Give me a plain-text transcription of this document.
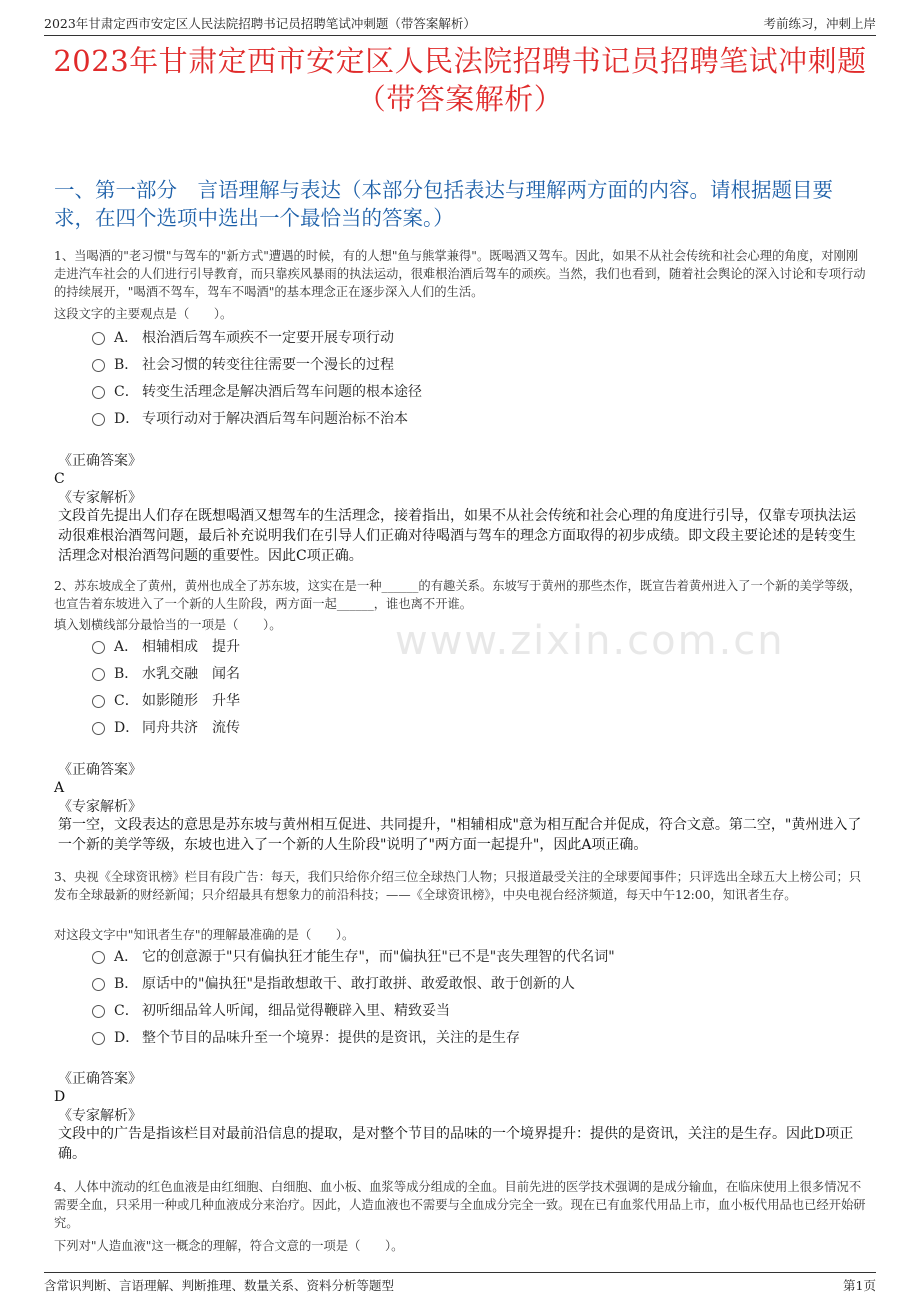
2023年甘肃定西市安定区人民法院招聘书记员招聘笔试冲刺题（带答案解析）	考前练习，冲刺上岸
2023年甘肃定西市安定区人民法院招聘书记员招聘笔试冲刺题
（带答案解析）
一、第一部分　言语理解与表达（本部分包括表达与理解两方面的内容。请根据题目要求，在四个选项中选出一个最恰当的答案。）
www.zixin.com.cn
1、当喝酒的"老习惯"与驾车的"新方式"遭遇的时候，有的人想"鱼与熊掌兼得"。既喝酒又驾车。因此，如果不从社会传统和社会心理的角度，对刚刚走进汽车社会的人们进行引导教育，而只靠疾风暴雨的执法运动，很难根治酒后驾车的顽疾。当然，我们也看到，随着社会舆论的深入讨论和专项行动的持续展开，"喝酒不驾车，驾车不喝酒"的基本理念正在逐步深入人们的生活。
这段文字的主要观点是（　　）。
A． 根治酒后驾车顽疾不一定要开展专项行动
B． 社会习惯的转变往往需要一个漫长的过程
C． 转变生活理念是解决酒后驾车问题的根本途径
D． 专项行动对于解决酒后驾车问题治标不治本
《正确答案》
C
《专家解析》
文段首先提出人们存在既想喝酒又想驾车的生活理念，接着指出，如果不从社会传统和社会心理的角度进行引导，仅靠专项执法运动很难根治酒驾问题，最后补充说明我们在引导人们正确对待喝酒与驾车的理念方面取得的初步成绩。即文段主要论述的是转变生活理念对根治酒驾问题的重要性。因此C项正确。
2、苏东坡成全了黄州，黄州也成全了苏东坡，这实在是一种______的有趣关系。东坡写于黄州的那些杰作，既宣告着黄州进入了一个新的美学等级，也宣告着东坡进入了一个新的人生阶段，两方面一起______，谁也离不开谁。
填入划横线部分最恰当的一项是（　　）。
A． 相辅相成　提升
B． 水乳交融　闻名
C． 如影随形　升华
D． 同舟共济　流传
《正确答案》
A
《专家解析》
第一空，文段表达的意思是苏东坡与黄州相互促进、共同提升，"相辅相成"意为相互配合并促成，符合文意。第二空，"黄州进入了一个新的美学等级，东坡也进入了一个新的人生阶段"说明了"两方面一起提升"，因此A项正确。
3、央视《全球资讯榜》栏目有段广告：每天，我们只给你介绍三位全球热门人物；只报道最受关注的全球要闻事件；只评选出全球五大上榜公司；只发布全球最新的财经新闻；只介绍最具有想象力的前沿科技；——《全球资讯榜》，中央电视台经济频道，每天中午12:00，知讯者生存。
对这段文字中"知讯者生存"的理解最准确的是（　　）。
A． 它的创意源于"只有偏执狂才能生存"，而"偏执狂"已不是"丧失理智的代名词"
B． 原话中的"偏执狂"是指敢想敢干、敢打敢拼、敢爱敢恨、敢于创新的人
C． 初听细品耸人听闻，细品觉得鞭辟入里、精致妥当
D． 整个节目的品味升至一个境界：提供的是资讯，关注的是生存
《正确答案》
D
《专家解析》
文段中的广告是指该栏目对最前沿信息的提取，是对整个节目的品味的一个境界提升：提供的是资讯，关注的是生存。因此D项正确。
4、人体中流动的红色血液是由红细胞、白细胞、血小板、血浆等成分组成的全血。目前先进的医学技术强调的是成分输血，在临床使用上很多情况不需要全血，只采用一种或几种血液成分来治疗。因此，人造血液也不需要与全血成分完全一致。现在已有血浆代用品上市，血小板代用品也已经开始研究。
下列对"人造血液"这一概念的理解，符合文意的一项是（　　）。
含常识判断、言语理解、判断推理、数量关系、资料分析等题型	第1页
